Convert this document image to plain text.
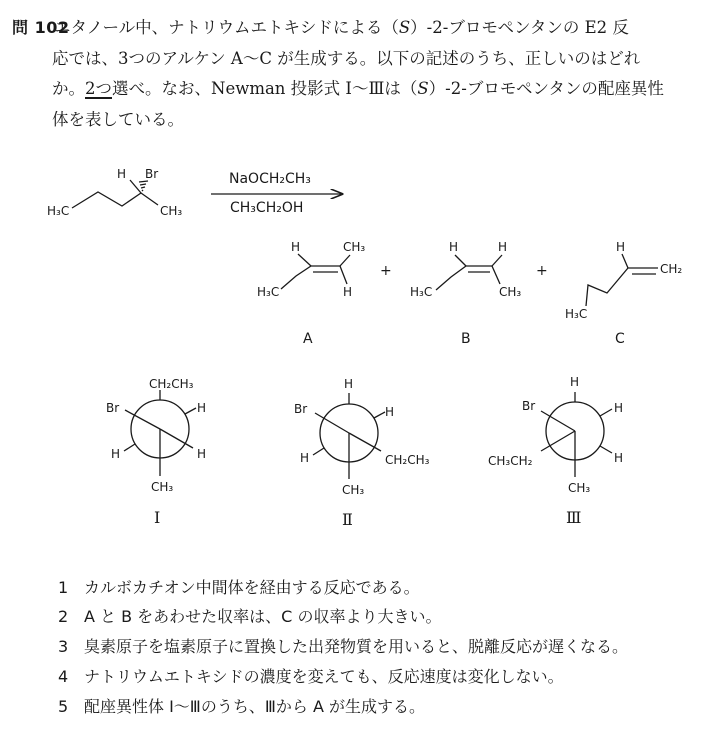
問 102
エタノール中、ナトリウムエトキシドによる（S）-2-ブロモペンタンの E2 反
応では、3つのアルケン A～C が生成する。以下の記述のうち、正しいのはどれ
か。2つ選べ。なお、Newman 投影式 I～Ⅲは（S）-2-ブロモペンタンの配座異性
体を表している。
H₃C	CH₃
H Br	NaOCH₂CH₃
CH₃CH₂OH
H	CH₃
H₃C	H
A
+
H	H
H₃C	CH₃
B
+
H
CH₂
H₃C
C
Br
H
CH₃
CH₂CH₃
H
H
Ⅰ
Br	H
CH₃
H
H	CH₂CH₃
Ⅱ
Br
CH₃CH₂
CH₃
H
H
H
Ⅲ
1 カルボカチオン中間体を経由する反応である。
2 A と B をあわせた収率は、C の収率より大きい。
3 臭素原子を塩素原子に置換した出発物質を用いると、脱離反応が遅くなる。
4 ナトリウムエトキシドの濃度を変えても、反応速度は変化しない。
5 配座異性体 I～Ⅲのうち、Ⅲから A が生成する。
